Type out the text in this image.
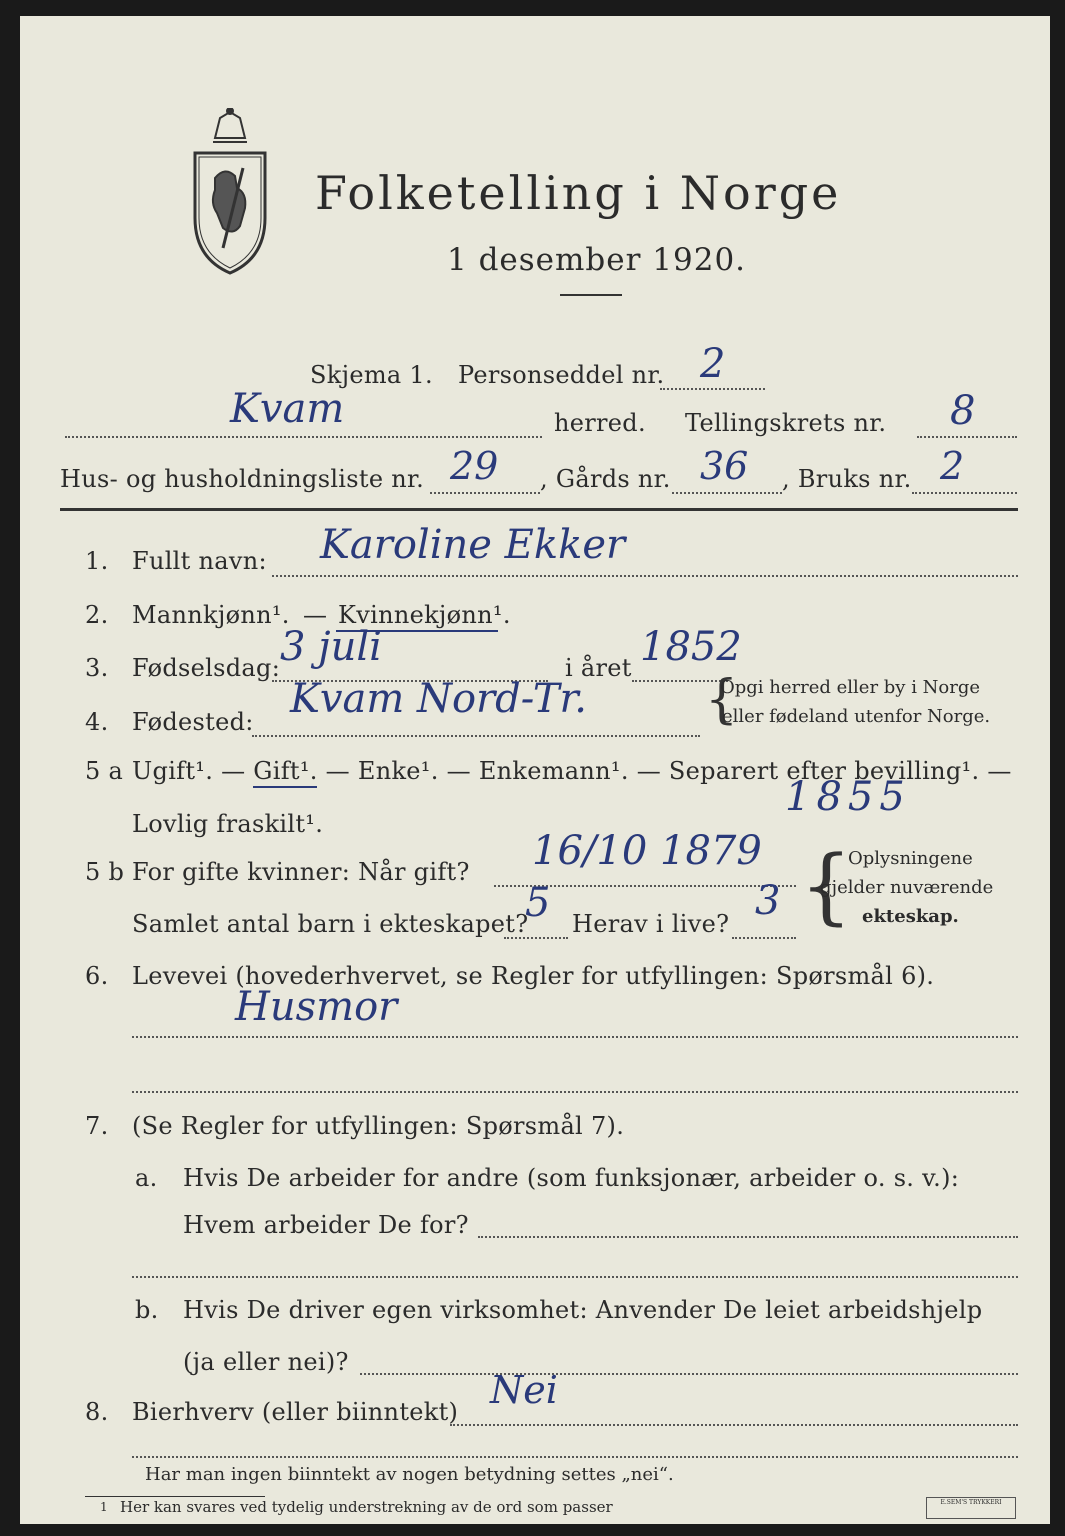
Folketelling i Norge
1 desember 1920.
Skjema 1. Personseddel nr. 2
Kvam	herred. Tellingskrets nr. 8
Hus- og husholdningsliste nr. 29 , Gårds nr. 36 , Bruks nr. 2
1. Fullt navn: Karoline Ekker
2. Mannkjønn¹. — Kvinnekjønn¹.
3. Fødselsdag: 3 juli	i året 1852
4. Fødested: Kvam Nord-Tr. {
Opgi herred eller by i Norge
eller fødeland utenfor Norge.
5 a Ugift¹. — Gift¹. — Enke¹. — Enkemann¹. — Separert efter bevilling¹. —
Lovlig fraskilt¹.
1855
5 b For gifte kvinner: Når gift? 16/10 1879
Samlet antal barn i ekteskapet?
5 Herav i live? 3 {
Oplysningene
gjelder nuværende
ekteskap.
6. Levevei (hovederhvervet, se Regler for utfyllingen: Spørsmål 6).
Husmor
7. (Se Regler for utfyllingen: Spørsmål 7).
a. Hvis De arbeider for andre (som funksjonær, arbeider o. s. v.):
Hvem arbeider De for?
b. Hvis De driver egen virksomhet: Anvender De leiet arbeidshjelp
(ja eller nei)?
8. Bierhverv (eller biinntekt) Nei
Har man ingen biinntekt av nogen betydning settes „nei“.
1 Her kan svares ved tydelig understrekning av de ord som passer	E.SEM'S TRYKKERI
